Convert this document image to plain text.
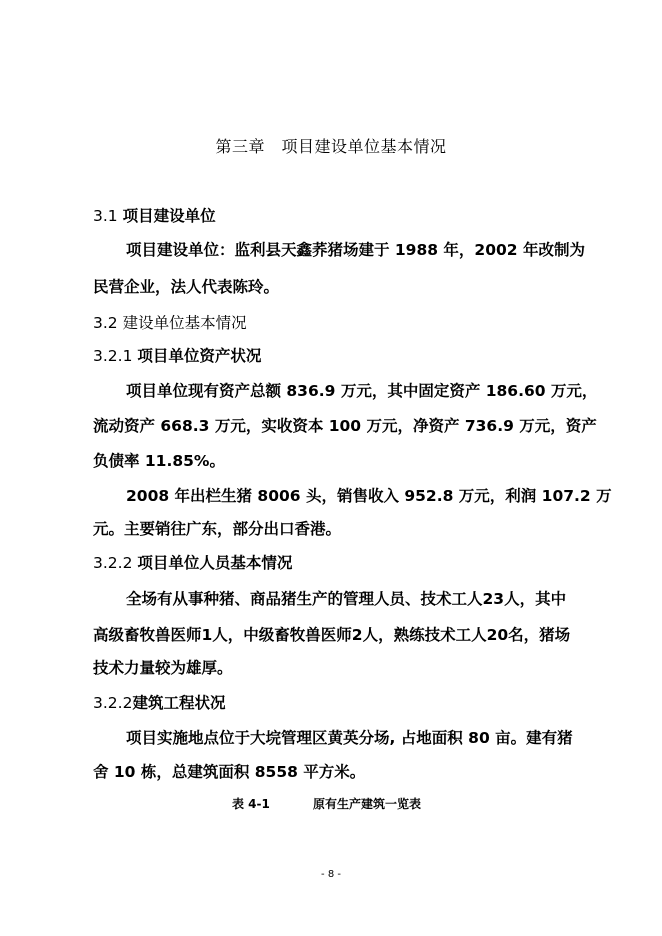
第三章　项目建设单位基本情况
3.1 项目建设单位
项目建设单位：监利县天鑫荞猪场建于 1988 年，2002 年改制为
民营企业，法人代表陈玲。
3.2 建设单位基本情况
3.2.1 项目单位资产状况
项目单位现有资产总额 836.9 万元，其中固定资产 186.60 万元，
流动资产 668.3 万元，实收资本 100 万元，净资产 736.9 万元，资产
负债率 11.85%。
2008 年出栏生猪 8006 头，销售收入 952.8 万元，利润 107.2 万
元。主要销往广东，部分出口香港。
3.2.2 项目单位人员基本情况
全场有从事种猪、商品猪生产的管理人员、技术工人23人，其中
高级畜牧兽医师1人，中级畜牧兽医师2人，熟练技术工人20名，猪场
技术力量较为雄厚。
3.2.2建筑工程状况
项目实施地点位于大垸管理区黄英分场, 占地面积 80 亩。建有猪
舍 10 栋，总建筑面积 8558 平方米。
表 4-1	原有生产建筑一览表
- 8 -
